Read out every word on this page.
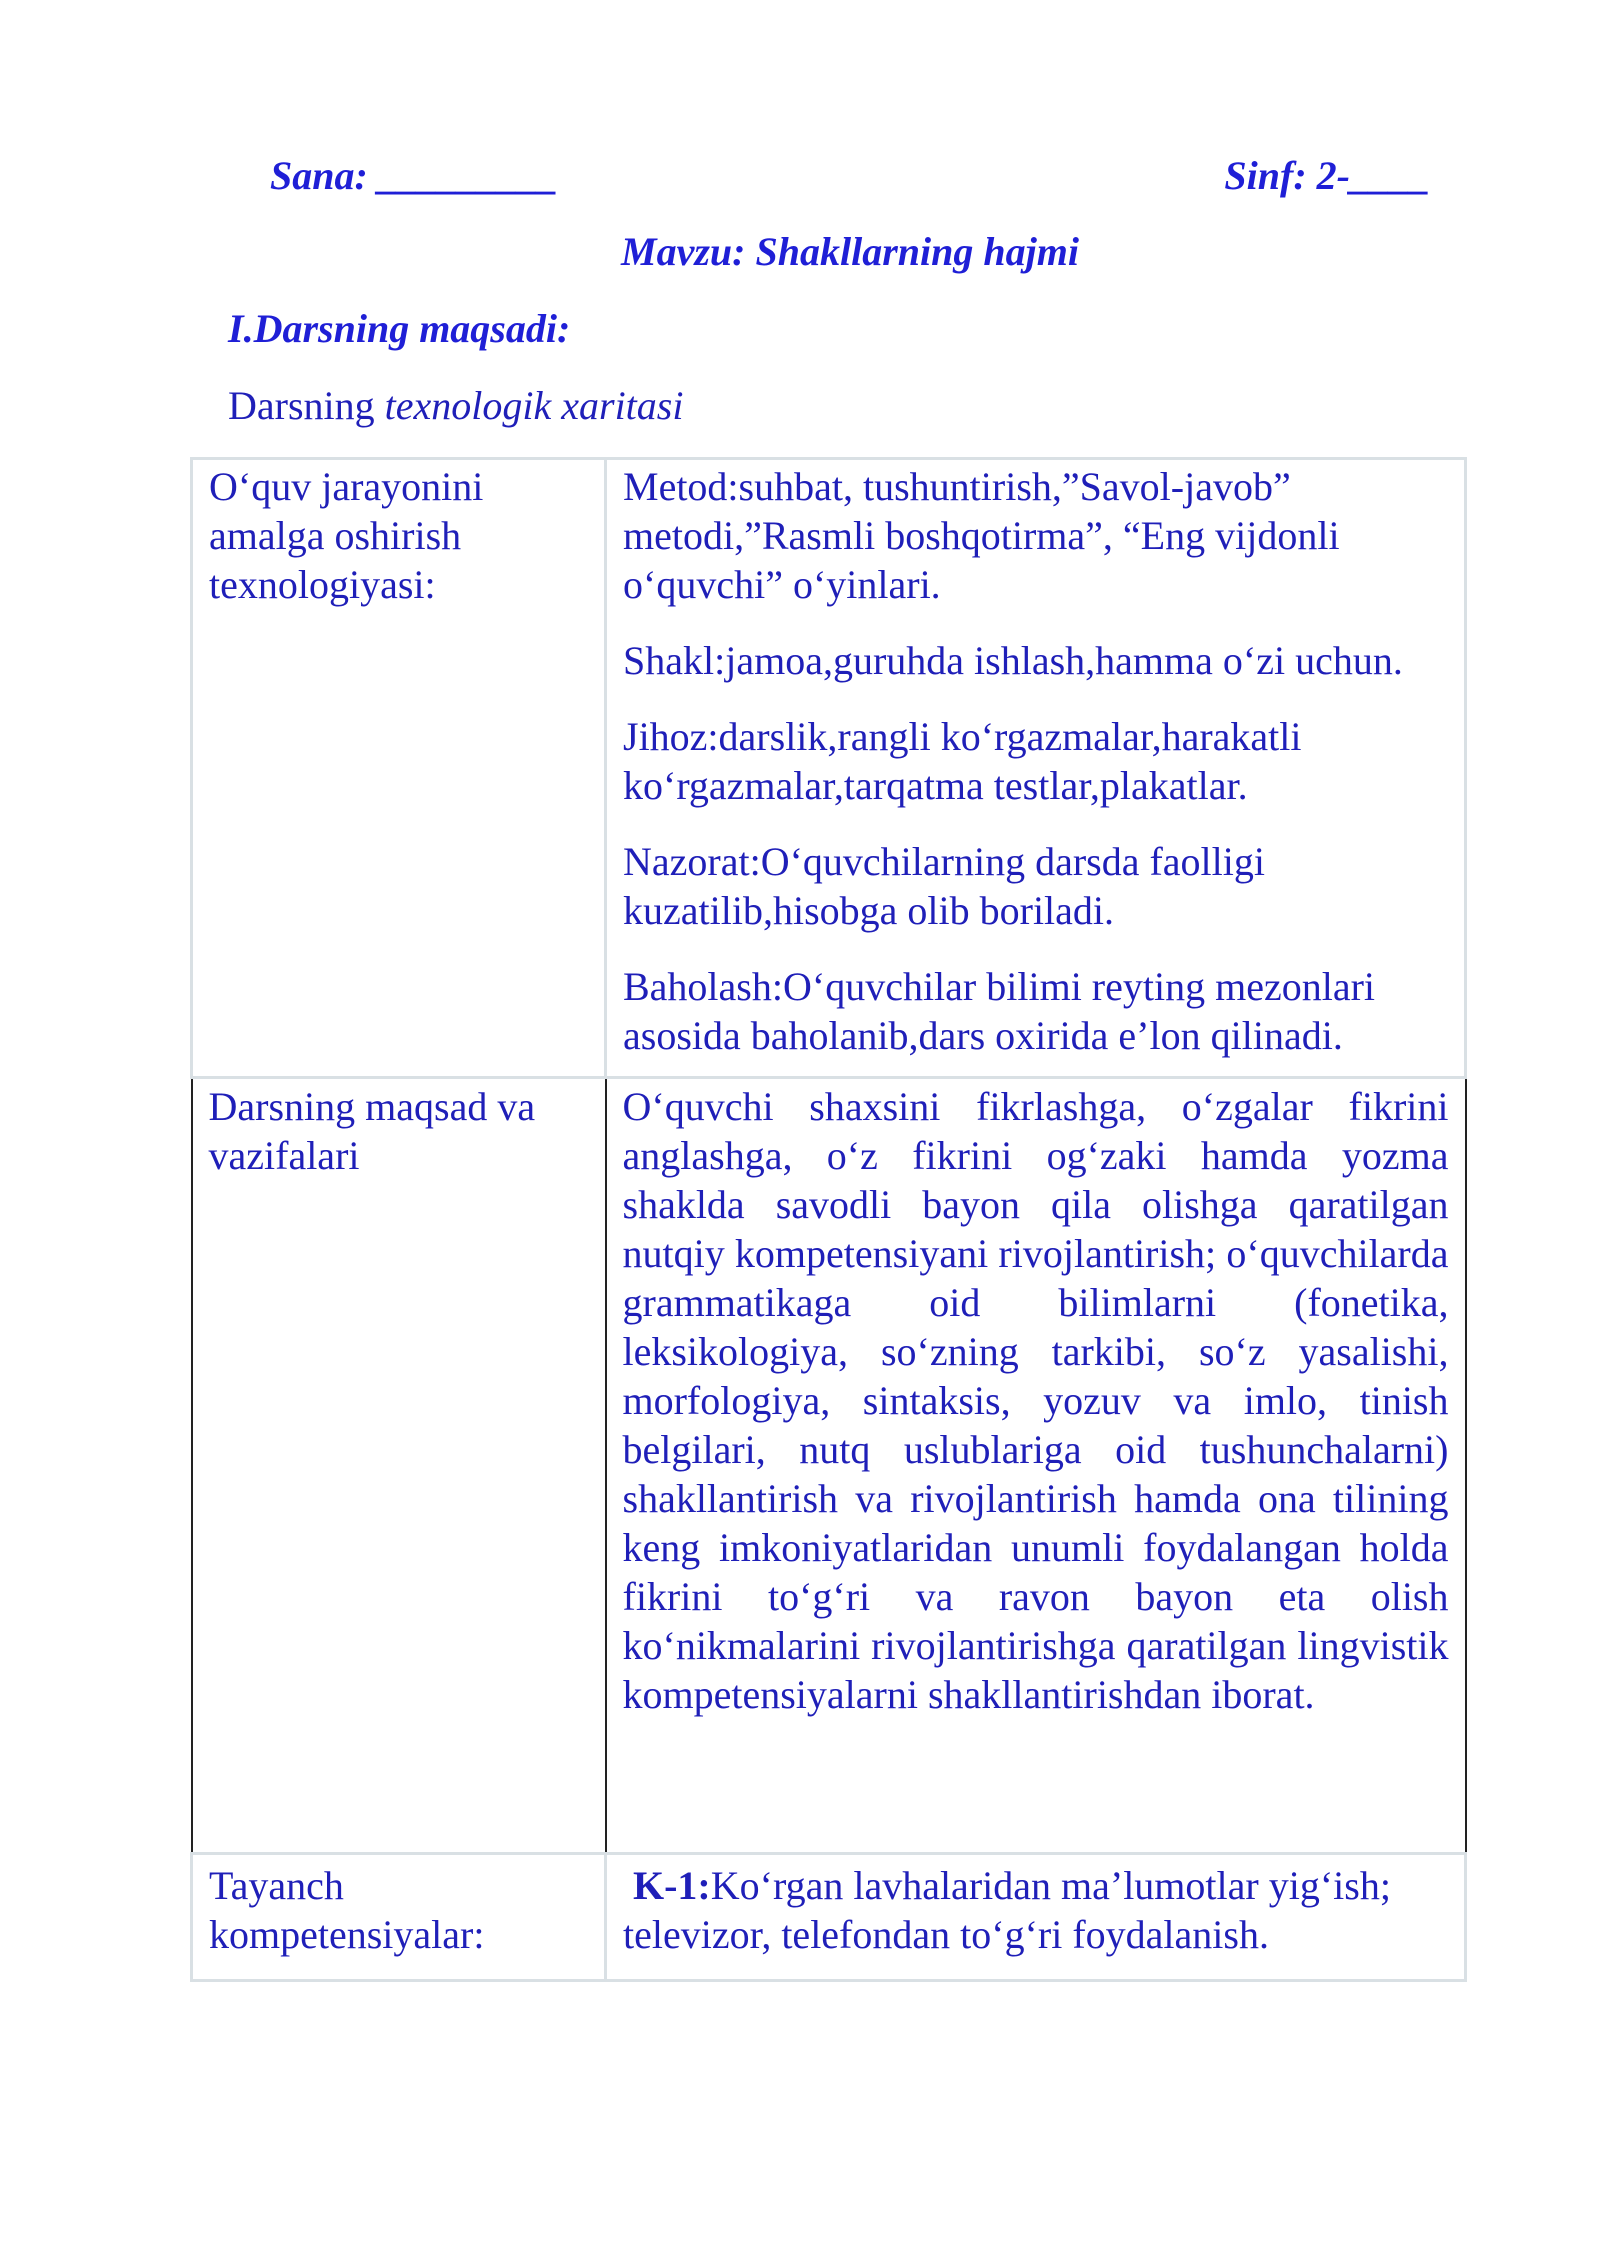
Sana: _________	Sinf: 2-____
Mavzu: Shakllarning hajmi
I.Darsning maqsadi:
Darsning texnologik xaritasi
O‘quv jarayonini amalga oshirish texnologiyasi:	Metod:suhbat, tushuntirish,”Savol-javob” metodi,”Rasmli boshqotirma”, “Eng vijdonli o‘quvchi” o‘yinlari.

Shakl:jamoa,guruhda ishlash,hamma o‘zi uchun.

Jihoz:darslik,rangli ko‘rgazmalar,harakatli ko‘rgazmalar,tarqatma testlar,plakatlar.

Nazorat:O‘quvchilarning darsda faolligi kuzatilib,hisobga olib boriladi.

Baholash:O‘quvchilar bilimi reyting mezonlari asosida baholanib,dars oxirida e’lon qilinadi.

Darsning maqsad va vazifalari	O‘quvchi shaxsini fikrlashga, o‘zgalar fikrini anglashga, o‘z fikrini og‘zaki hamda yozma shaklda savodli bayon qila olishga qaratilgan nutqiy kompetensiyani rivojlantirish; o‘quvchilarda grammatikaga oid bilimlarni (fonetika, leksikologiya, so‘zning tarkibi, so‘z yasalishi, morfologiya, sintaksis, yozuv va imlo, tinish belgilari, nutq uslublariga oid tushunchalarni) shakllantirish va rivojlantirish hamda ona tilining keng imkoniyatlaridan unumli foydalangan holda fikrini to‘g‘ri va ravon bayon eta olish ko‘nikmalarini rivojlantirishga qaratilgan lingvistik kompetensiyalarni shakllantirishdan iborat.
Tayanch kompetensiyalar:	K-1:Ko‘rgan lavhalaridan ma’lumotlar yig‘ish; televizor, telefondan to‘g‘ri foydalanish.
